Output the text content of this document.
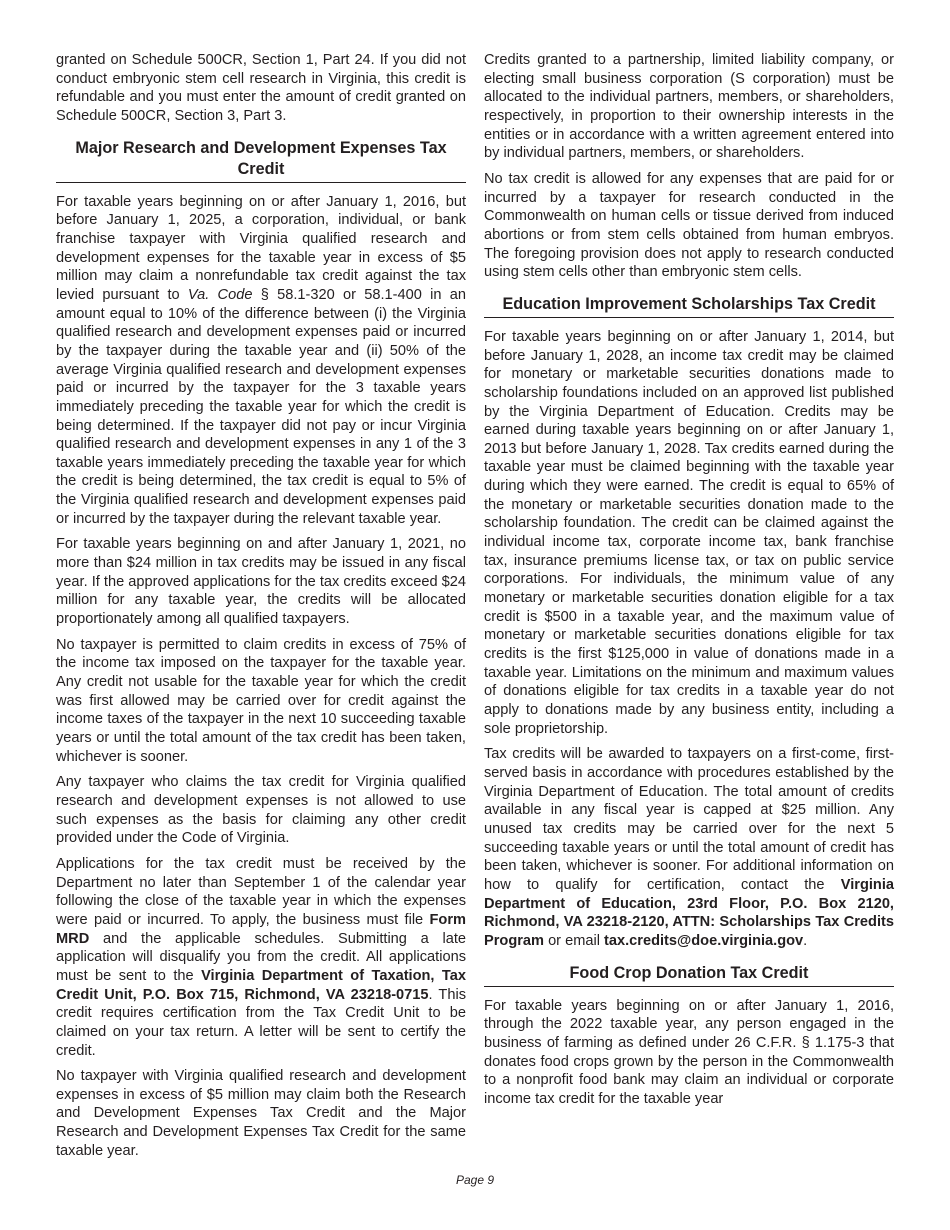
granted on Schedule 500CR, Section 1, Part 24. If you did not conduct embryonic stem cell research in Virginia, this credit is refundable and you must enter the amount of credit granted on Schedule 500CR, Section 3, Part 3.

Major Research and Development Expenses Tax Credit

For taxable years beginning on or after January 1, 2016, but before January 1, 2025, a corporation, individual, or bank franchise taxpayer with Virginia qualified research and development expenses for the taxable year in excess of $5 million may claim a nonrefundable tax credit against the tax levied pursuant to Va. Code § 58.1-320 or 58.1-400 in an amount equal to 10% of the difference between (i) the Virginia qualified research and development expenses paid or incurred by the taxpayer during the taxable year and (ii) 50% of the average Virginia qualified research and development expenses paid or incurred by the taxpayer for the 3 taxable years immediately preceding the taxable year for which the credit is being determined. If the taxpayer did not pay or incur Virginia qualified research and development expenses in any 1 of the 3 taxable years immediately preceding the taxable year for which the credit is being determined, the tax credit is equal to 5% of the Virginia qualified research and development expenses paid or incurred by the taxpayer during the relevant taxable year.

For taxable years beginning on and after January 1, 2021, no more than $24 million in tax credits may be issued in any fiscal year. If the approved applications for the tax credits exceed $24 million for any taxable year, the credits will be allocated proportionately among all qualified taxpayers.

No taxpayer is permitted to claim credits in excess of 75% of the income tax imposed on the taxpayer for the taxable year. Any credit not usable for the taxable year for which the credit was first allowed may be carried over for credit against the income taxes of the taxpayer in the next 10 succeeding taxable years or until the total amount of the tax credit has been taken, whichever is sooner.

Any taxpayer who claims the tax credit for Virginia qualified research and development expenses is not allowed to use such expenses as the basis for claiming any other credit provided under the Code of Virginia.

Applications for the tax credit must be received by the Department no later than September 1 of the calendar year following the close of the taxable year in which the expenses were paid or incurred. To apply, the business must file Form MRD and the applicable schedules. Submitting a late application will disqualify you from the credit. All applications must be sent to the Virginia Department of Taxation, Tax Credit Unit, P.O. Box 715, Richmond, VA 23218-0715. This credit requires certification from the Tax Credit Unit to be claimed on your tax return. A letter will be sent to certify the credit.

No taxpayer with Virginia qualified research and development expenses in excess of $5 million may claim both the Research and Development Expenses Tax Credit and the Major Research and Development Expenses Tax Credit for the same taxable year.

Credits granted to a partnership, limited liability company, or electing small business corporation (S corporation) must be allocated to the individual partners, members, or shareholders, respectively, in proportion to their ownership interests in the entities or in accordance with a written agreement entered into by individual partners, members, or shareholders.

No tax credit is allowed for any expenses that are paid for or incurred by a taxpayer for research conducted in the Commonwealth on human cells or tissue derived from induced abortions or from stem cells obtained from human embryos. The foregoing provision does not apply to research conducted using stem cells other than embryonic stem cells.

Education Improvement Scholarships Tax Credit

For taxable years beginning on or after January 1, 2014, but before January 1, 2028, an income tax credit may be claimed for monetary or marketable securities donations made to scholarship foundations included on an approved list published by the Virginia Department of Education. Credits may be earned during taxable years beginning on or after January 1, 2013 but before January 1, 2028. Tax credits earned during the taxable year must be claimed beginning with the taxable year during which they were earned. The credit is equal to 65% of the monetary or marketable securities donation made to the scholarship foundation. The credit can be claimed against the individual income tax, corporate income tax, bank franchise tax, insurance premiums license tax, or tax on public service corporations. For individuals, the minimum value of any monetary or marketable securities donation eligible for a tax credit is $500 in a taxable year, and the maximum value of monetary or marketable securities donations eligible for tax credits is the first $125,000 in value of donations made in a taxable year. Limitations on the minimum and maximum values of donations eligible for tax credits in a taxable year do not apply to donations made by any business entity, including a sole proprietorship.

Tax credits will be awarded to taxpayers on a first-come, first-served basis in accordance with procedures established by the Virginia Department of Education. The total amount of credits available in any fiscal year is capped at $25 million. Any unused tax credits may be carried over for the next 5 succeeding taxable years or until the total amount of credit has been taken, whichever is sooner. For additional information on how to qualify for certification, contact the Virginia Department of Education, 23rd Floor, P.O. Box 2120, Richmond, VA 23218-2120, ATTN: Scholarships Tax Credits Program or email tax.credits@doe.virginia.gov.

Food Crop Donation Tax Credit

For taxable years beginning on or after January 1, 2016, through the 2022 taxable year, any person engaged in the business of farming as defined under 26 C.F.R. § 1.175-3 that donates food crops grown by the person in the Commonwealth to a nonprofit food bank may claim an individual or corporate income tax credit for the taxable year

Page 9
